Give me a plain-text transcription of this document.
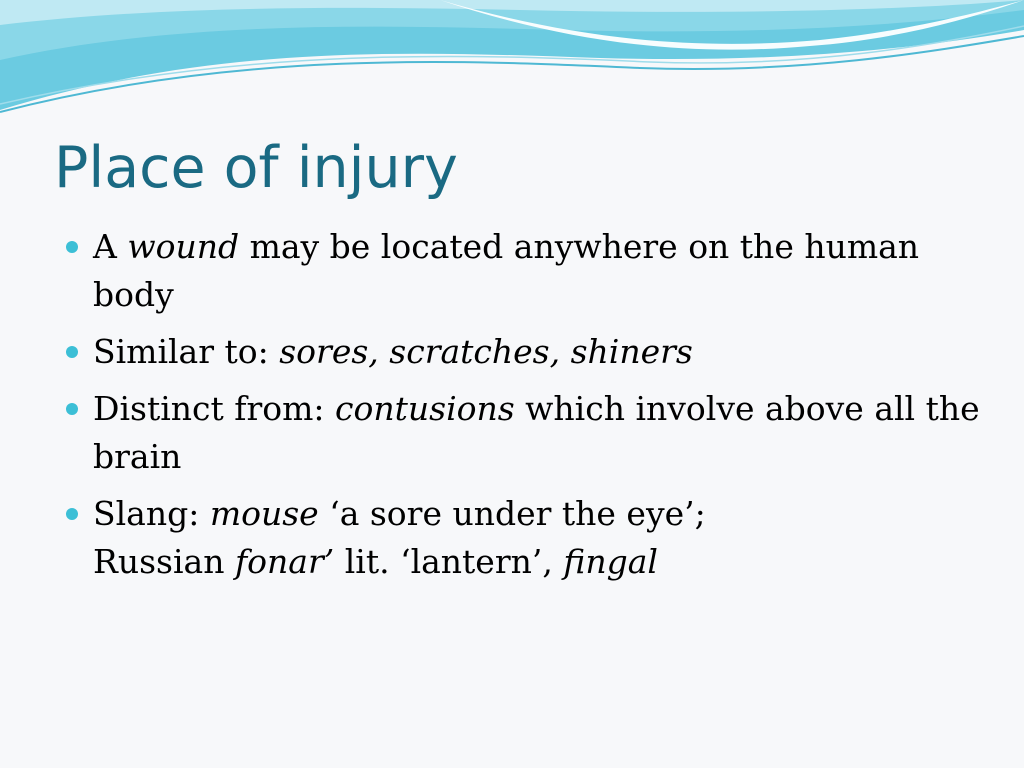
Place of injury
A wound may be located anywhere on the human body
Similar to: sores, scratches, shiners
Distinct from: contusions which involve above all the brain
Slang: mouse ‘a sore under the eye’;
Russian fonar’ lit. ‘lantern’, fingal
